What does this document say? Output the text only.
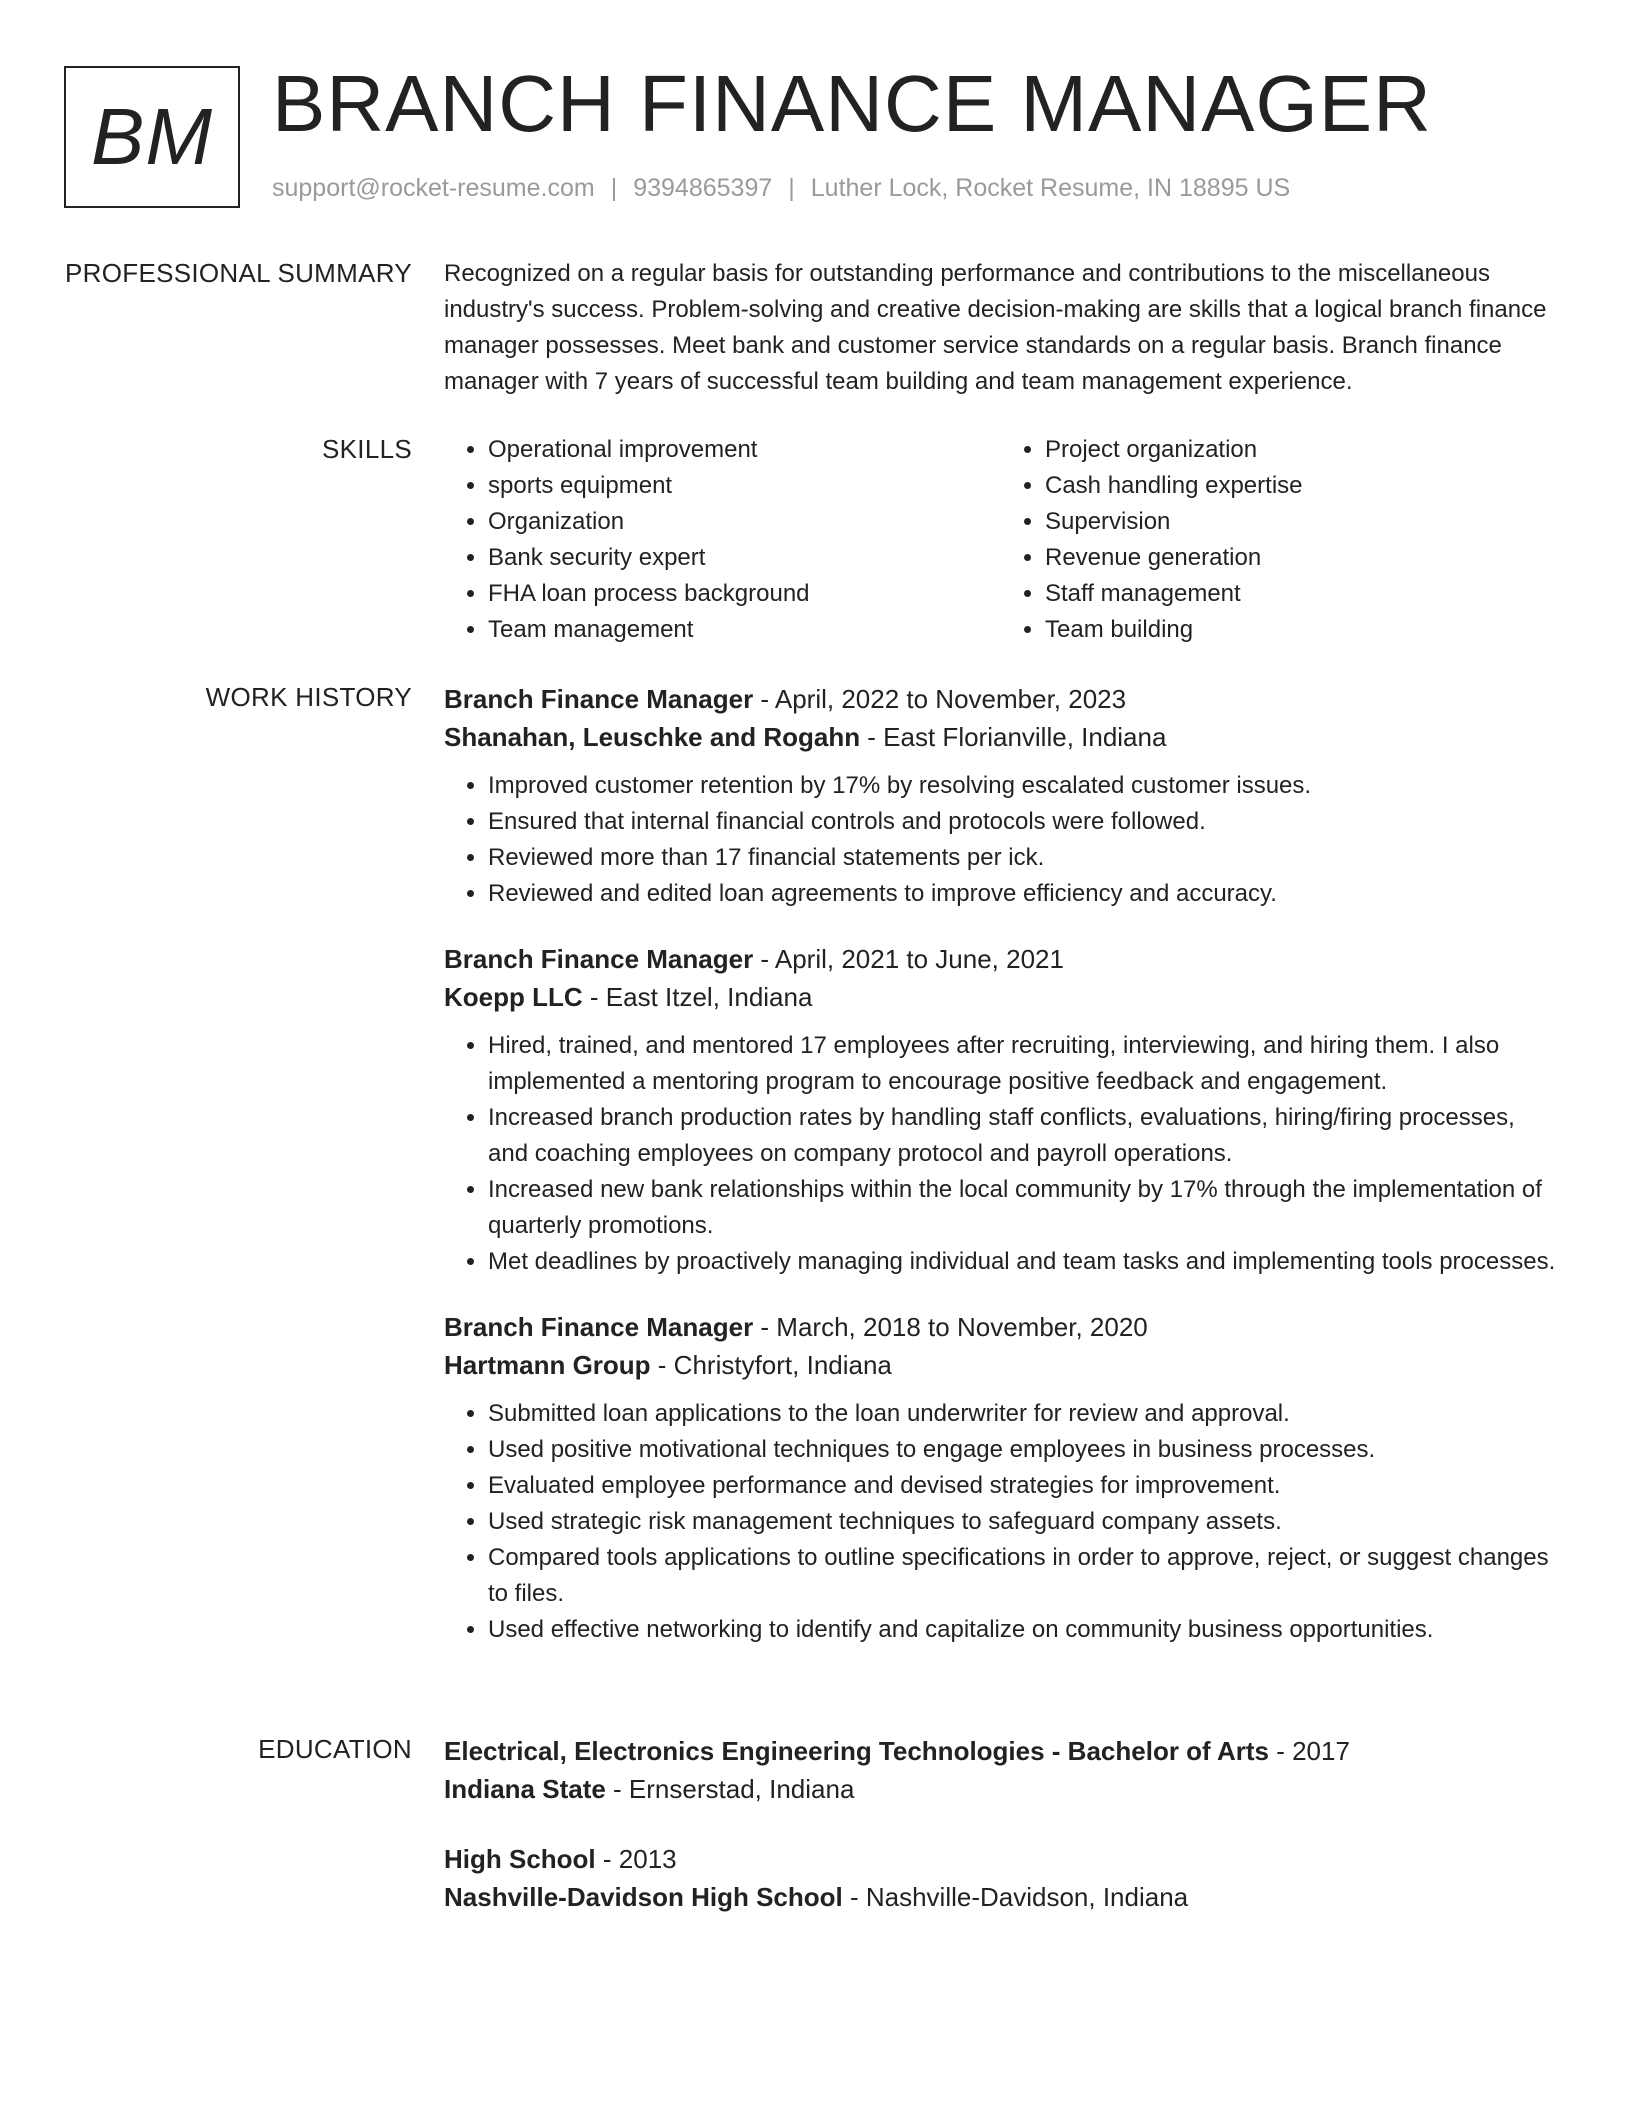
BM BRANCH FINANCE MANAGER
support@rocket-resume.com | 9394865397 | Luther Lock, Rocket Resume, IN 18895 US
PROFESSIONAL SUMMARY Recognized on a regular basis for outstanding performance and contributions to the miscellaneous industry's success. Problem-solving and creative decision-making are skills that a logical branch finance manager possesses. Meet bank and customer service standards on a regular basis. Branch finance manager with 7 years of successful team building and team management experience.
SKILLS
•	Operational improvement
• sports equipment
• Organization
• Bank security expert
• FHA loan process background
• Team management
• Project organization
• Cash handling expertise
• Supervision
• Revenue generation
• Staff management
• Team building
WORK HISTORY Branch Finance Manager - April, 2022 to November, 2023
Shanahan, Leuschke and Rogahn - East Florianville, Indiana
• Improved customer retention by 17% by resolving escalated customer issues.
• Ensured that internal financial controls and protocols were followed.
• Reviewed more than 17 financial statements per ick.
• Reviewed and edited loan agreements to improve efficiency and accuracy.
Branch Finance Manager - April, 2021 to June, 2021
Koepp LLC - East Itzel, Indiana
• Hired, trained, and mentored 17 employees after recruiting, interviewing, and hiring them. I also implemented a mentoring program to encourage positive feedback and engagement.
• Increased branch production rates by handling staff conflicts, evaluations, hiring/firing processes, and coaching employees on company protocol and payroll operations.
• Increased new bank relationships within the local community by 17% through the implementation of quarterly promotions.
• Met deadlines by proactively managing individual and team tasks and implementing tools processes.
Branch Finance Manager - March, 2018 to November, 2020
Hartmann Group - Christyfort, Indiana
• Submitted loan applications to the loan underwriter for review and approval.
• Used positive motivational techniques to engage employees in business processes.
• Evaluated employee performance and devised strategies for improvement.
• Used strategic risk management techniques to safeguard company assets.
• Compared tools applications to outline specifications in order to approve, reject, or suggest changes to files.
• Used effective networking to identify and capitalize on community business opportunities.
EDUCATION Electrical, Electronics Engineering Technologies - Bachelor of Arts - 2017
Indiana State - Ernserstad, Indiana
High School - 2013
Nashville-Davidson High School - Nashville-Davidson, Indiana
